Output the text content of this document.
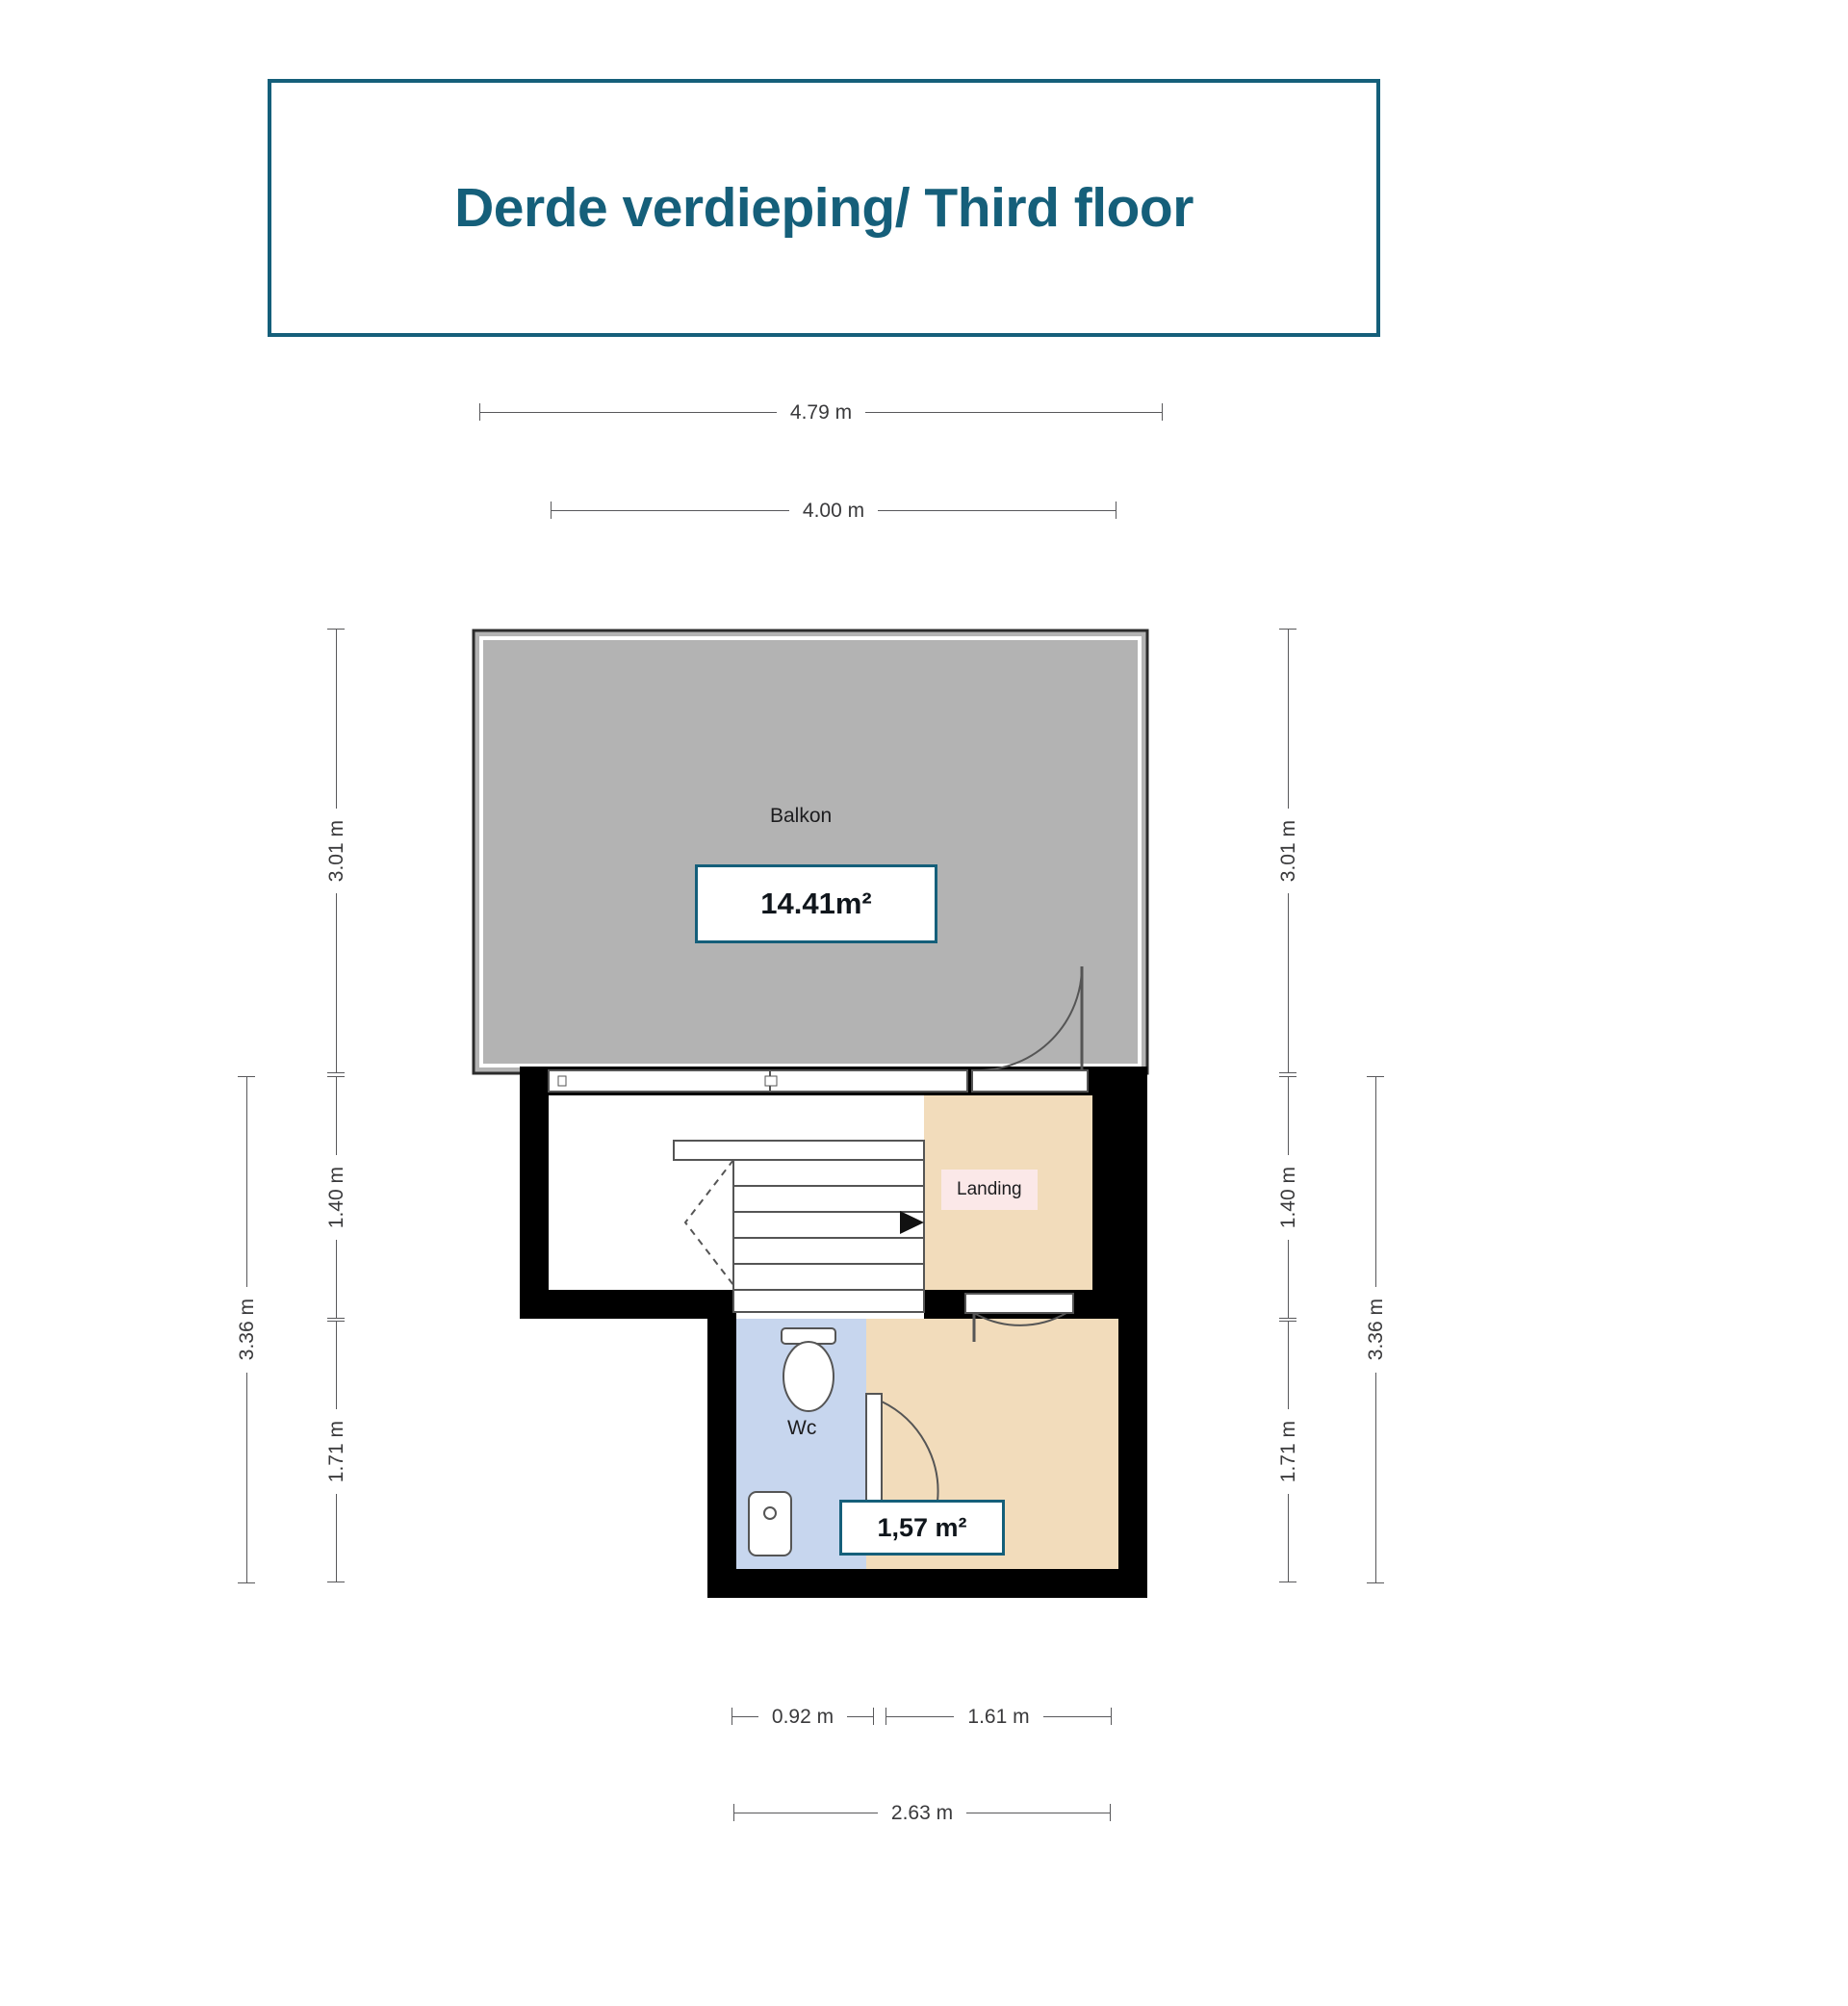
Derde verdieping/ Third floor
4.79 m
4.00 m
3.36 m
3.01 m
1.40 m
1.71 m
3.01 m
1.40 m
1.71 m
3.36 m
0.92 m	1.61 m
2.63 m
Balkon
14.41m²
Wc
1,57 m²
Landing
